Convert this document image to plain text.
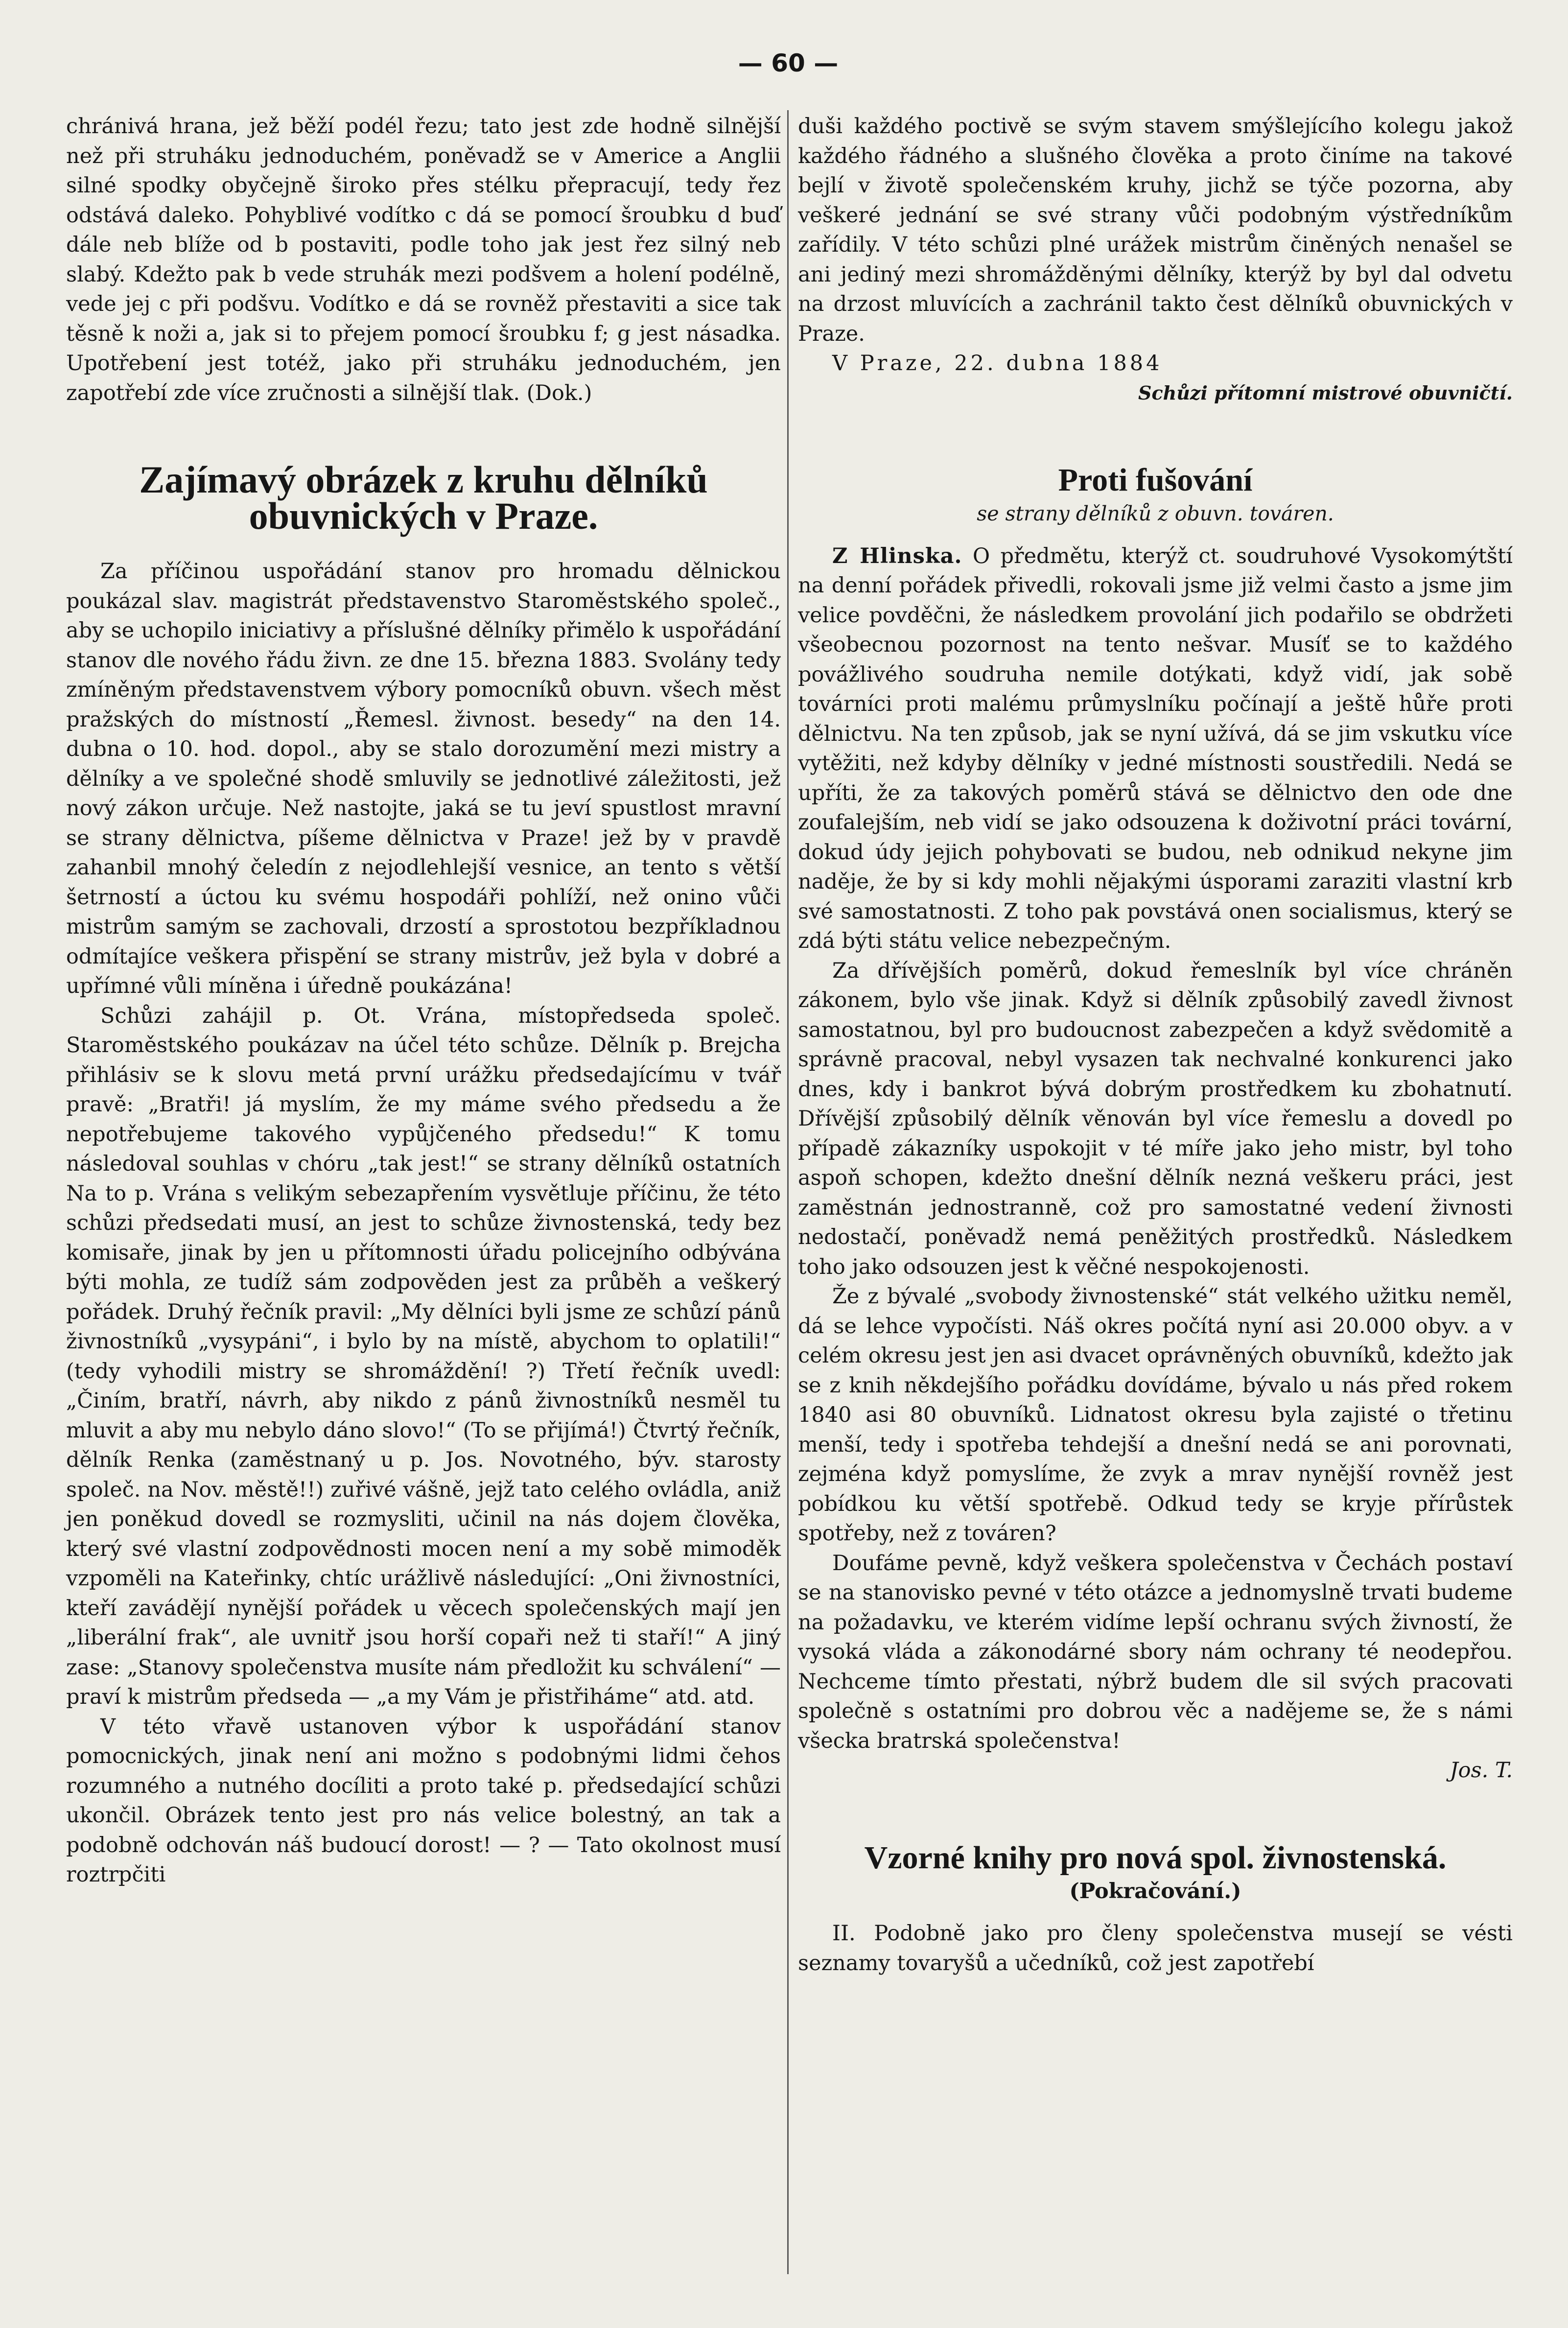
— 60 —

chránivá hrana, jež běží podél řezu; tato jest zde hodně silnější než při struháku jednoduchém, poněvadž se v Americe a Anglii silné spodky obyčejně široko přes stélku přepracují, tedy řez odstává daleko. Pohyblivé vodítko c dá se pomocí šroubku d buď dále neb blíže od b postaviti, podle toho jak jest řez silný neb slabý. Kdežto pak b vede struhák mezi podšvem a holení podélně, vede jej c při podšvu. Vodítko e dá se rovněž přestaviti a sice tak těsně k noži a, jak si to přejem pomocí šroubku f; g jest násadka. Upotřebení jest totéž, jako při struháku jednoduchém, jen zapotřebí zde více zručnosti a silnější tlak. (Dok.)

Zajímavý obrázek z kruhu dělníků obuvnických v Praze.

Za příčinou uspořádání stanov pro hromadu dělnickou poukázal slav. magistrát představenstvo Staroměstského společ., aby se uchopilo iniciativy a příslušné dělníky přimělo k uspořádání stanov dle nového řádu živn. ze dne 15. března 1883. Svolány tedy zmíněným představenstvem výbory pomocníků obuvn. všech měst pražských do místností „Řemesl. živnost. besedy“ na den 14. dubna o 10. hod. dopol., aby se stalo dorozumění mezi mistry a dělníky a ve společné shodě smluvily se jednotlivé záležitosti, jež nový zákon určuje. Než nastojte, jaká se tu jeví spustlost mravní se strany dělnictva, píšeme dělnictva v Praze! jež by v pravdě zahanbil mnohý čeledín z nejodlehlejší vesnice, an tento s větší šetrností a úctou ku svému hospodáři pohlíží, než onino vůči mistrům samým se zachovali, drzostí a sprostotou bezpříkladnou odmítajíce veškera přispění se strany mistrův, jež byla v dobré a upřímné vůli míněna i úředně poukázána!

Schůzi zahájil p. Ot. Vrána, místopředseda společ. Staroměstského poukázav na účel této schůze. Dělník p. Brejcha přihlásiv se k slovu metá první urážku předsedajícímu v tvář pravě: „Bratři! já myslím, že my máme svého předsedu a že nepotřebujeme takového vypůjčeného předsedu!“ K tomu následoval souhlas v chóru „tak jest!“ se strany dělníků ostatních Na to p. Vrána s velikým sebezapřením vysvětluje příčinu, že této schůzi předsedati musí, an jest to schůze živnostenská, tedy bez komisaře, jinak by jen u přítomnosti úřadu policejního odbývána býti mohla, ze tudíž sám zodpověden jest za průběh a veškerý pořádek. Druhý řečník pravil: „My dělníci byli jsme ze schůzí pánů živnostníků „vysypáni“, i bylo by na místě, abychom to oplatili!“ (tedy vyhodili mistry se shromáždění! ?) Třetí řečník uvedl: „Činím, bratří, návrh, aby nikdo z pánů živnostníků nesměl tu mluvit a aby mu nebylo dáno slovo!“ (To se přijímá!) Čtvrtý řečník, dělník Renka (zaměstnaný u p. Jos. Novotného, býv. starosty společ. na Nov. městě!!) zuřivé vášně, jejž tato celého ovládla, aniž jen poněkud dovedl se rozmysliti, učinil na nás dojem člověka, který své vlastní zodpovědnosti mocen není a my sobě mimoděk vzpoměli na Kateřinky, chtíc urážlivě následující: „Oni živnostníci, kteří zavádějí nynější pořádek u věcech společenských mají jen „liberální frak“, ale uvnitř jsou horší copaři než ti staří!“ A jiný zase: „Stanovy společenstva musíte nám předložit ku schválení“ — praví k mistrům předseda — „a my Vám je přistřiháme“ atd. atd.

V této vřavě ustanoven výbor k uspořádání stanov pomocnických, jinak není ani možno s podobnými lidmi čehos rozumného a nutného docíliti a proto také p. předsedající schůzi ukončil. Obrázek tento jest pro nás velice bolestný, an tak a podobně odchován náš budoucí dorost! — ? — Tato okolnost musí roztrpčiti

duši každého poctivě se svým stavem smýšlejícího kolegu jakož každého řádného a slušného člověka a proto činíme na takové bejlí v životě společenském kruhy, jichž se týče pozorna, aby veškeré jednání se své strany vůči podobným výstředníkům zařídily. V této schůzi plné urážek mistrům činěných nenašel se ani jediný mezi shromážděnými dělníky, kterýž by byl dal odvetu na drzost mluvících a zachránil takto čest dělníků obuvnických v Praze.

V Praze, 22. dubna 1884

Schůzi přítomní mistrové obuvničtí.

Proti fušování

se strany dělníků z obuvn. továren.

Z Hlinska. O předmětu, kterýž ct. soudruhové Vysokomýtští na denní pořádek přivedli, rokovali jsme již velmi často a jsme jim velice povděčni, že následkem provolání jich podařilo se obdržeti všeobecnou pozornost na tento nešvar. Musíť se to každého povážlivého soudruha nemile dotýkati, když vidí, jak sobě továrníci proti malému průmyslníku počínají a ještě hůře proti dělnictvu. Na ten způsob, jak se nyní užívá, dá se jim vskutku více vytěžiti, než kdyby dělníky v jedné místnosti soustředili. Nedá se upříti, že za takových poměrů stává se dělnictvo den ode dne zoufalejším, neb vidí se jako odsouzena k doživotní práci tovární, dokud údy jejich pohybovati se budou, neb odnikud nekyne jim naděje, že by si kdy mohli nějakými úsporami zaraziti vlastní krb své samostatnosti. Z toho pak povstává onen socialismus, který se zdá býti státu velice nebezpečným.

Za dřívějších poměrů, dokud řemeslník byl více chráněn zákonem, bylo vše jinak. Když si dělník způsobilý zavedl živnost samostatnou, byl pro budoucnost zabezpečen a když svědomitě a správně pracoval, nebyl vysazen tak nechvalné konkurenci jako dnes, kdy i bankrot bývá dobrým prostředkem ku zbohatnutí. Dřívější způsobilý dělník věnován byl více řemeslu a dovedl po případě zákazníky uspokojit v té míře jako jeho mistr, byl toho aspoň schopen, kdežto dnešní dělník nezná veškeru práci, jest zaměstnán jednostranně, což pro samostatné vedení živnosti nedostačí, poněvadž nemá peněžitých prostředků. Následkem toho jako odsouzen jest k věčné nespokojenosti.

Že z bývalé „svobody živnostenské“ stát velkého užitku neměl, dá se lehce vypočísti. Náš okres počítá nyní asi 20.000 obyv. a v celém okresu jest jen asi dvacet oprávněných obuvníků, kdežto jak se z knih někdejšího pořádku dovídáme, bývalo u nás před rokem 1840 asi 80 obuvníků. Lidnatost okresu byla zajisté o třetinu menší, tedy i spotřeba tehdejší a dnešní nedá se ani porovnati, zejména když pomyslíme, že zvyk a mrav nynější rovněž jest pobídkou ku větší spotřebě. Odkud tedy se kryje přírůstek spotřeby, než z továren?

Doufáme pevně, když veškera společenstva v Čechách postaví se na stanovisko pevné v této otázce a jednomyslně trvati budeme na požadavku, ve kterém vidíme lepší ochranu svých živností, že vysoká vláda a zákonodárné sbory nám ochrany té neodepřou. Nechceme tímto přestati, nýbrž budem dle sil svých pracovati společně s ostatními pro dobrou věc a nadějeme se, že s námi všecka bratrská společenstva!

Jos. T.

Vzorné knihy pro nová spol. živnostenská.

(Pokračování.)

II. Podobně jako pro členy společenstva musejí se vésti seznamy tovaryšů a učedníků, což jest zapotřebí
